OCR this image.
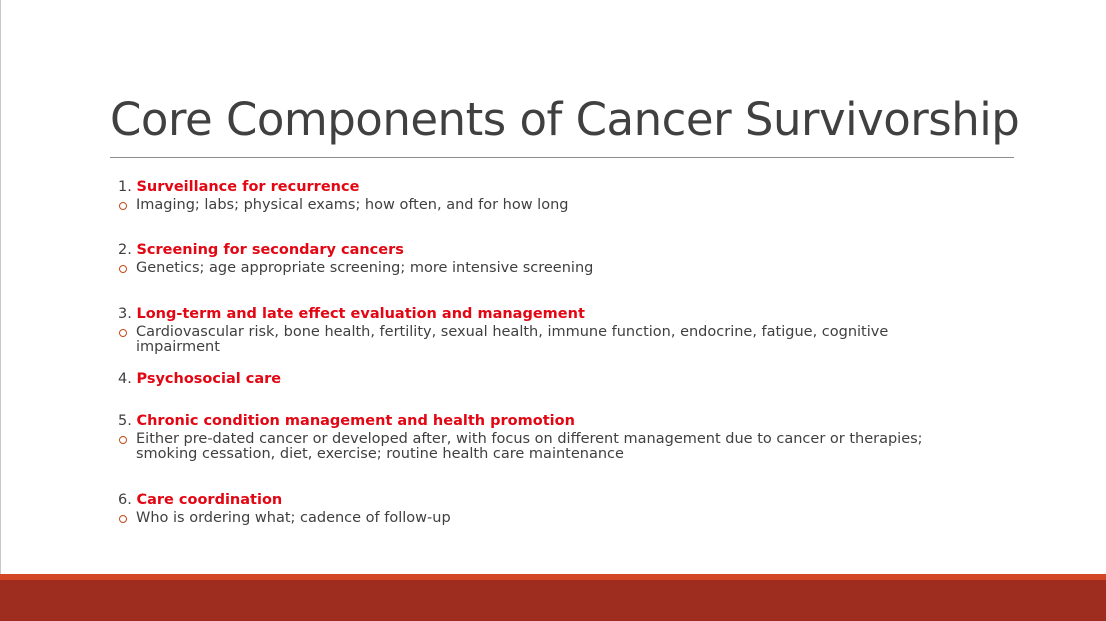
Core Components of Cancer Survivorship
1. Surveillance for recurrence
Imaging; labs; physical exams; how often, and for how long
2. Screening for secondary cancers
Genetics; age appropriate screening; more intensive screening
3. Long-term and late effect evaluation and management
Cardiovascular risk, bone health, fertility, sexual health, immune function, endocrine, fatigue, cognitive impairment
4. Psychosocial care
5. Chronic condition management and health promotion
Either pre-dated cancer or developed after, with focus on different management due to cancer or therapies; smoking cessation, diet, exercise; routine health care maintenance
6. Care coordination
Who is ordering what; cadence of follow-up
